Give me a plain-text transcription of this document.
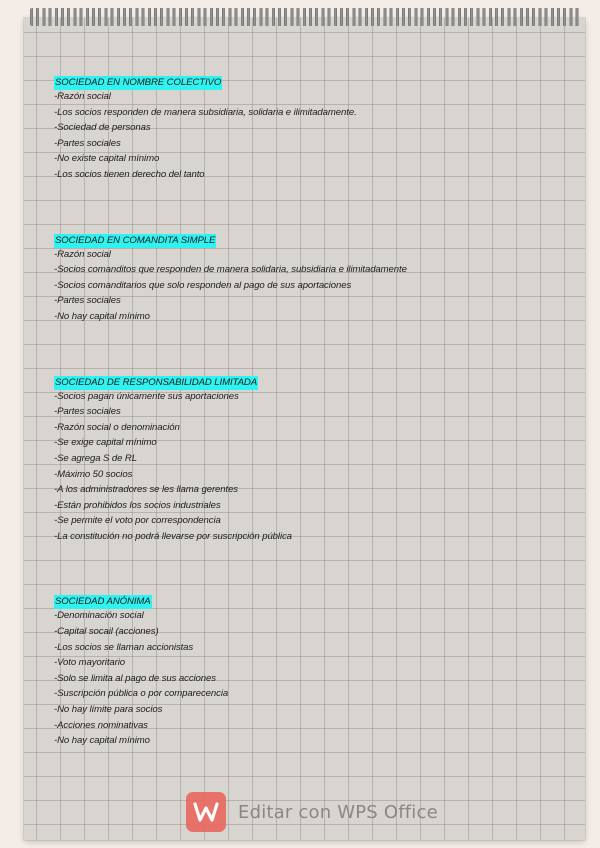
SOCIEDAD EN NOMBRE COLECTIVO
-Razón social
-Los socios responden de manera subsidiaria, solidaria e ilimitadamente.
-Sociedad de personas
-Partes sociales
-No existe capital mínimo
-Los socios tienen derecho del tanto
SOCIEDAD EN COMANDITA SIMPLE
-Razón social
-Socios comanditos que responden de manera solidaria, subsidiaria e ilimitadamente
-Socios comanditarios que solo responden al pago de sus aportaciones
-Partes sociales
-No hay capital mínimo
SOCIEDAD DE RESPONSABILIDAD LIMITADA
-Socios pagan únicamente sus aportaciones
-Partes sociales
-Razón social o denominación
-Se exige capital mínimo
-Se agrega S de RL
-Máximo 50 socios
-A los administradores se les llama gerentes
-Están prohibidos los socios industriales
-Se permite el voto por correspondencia
-La constitución no podrá llevarse por suscripción pública
SOCIEDAD ANÓNIMA
-Denominación social
-Capital socail (acciones)
-Los socios se llaman accionistas
-Voto mayoritario
-Solo se limita al pago de sus acciones
-Suscripción pública o por comparecencia
-No hay límite para socios
-Acciones nominativas
-No hay capital mínimo
Editar con WPS Office
